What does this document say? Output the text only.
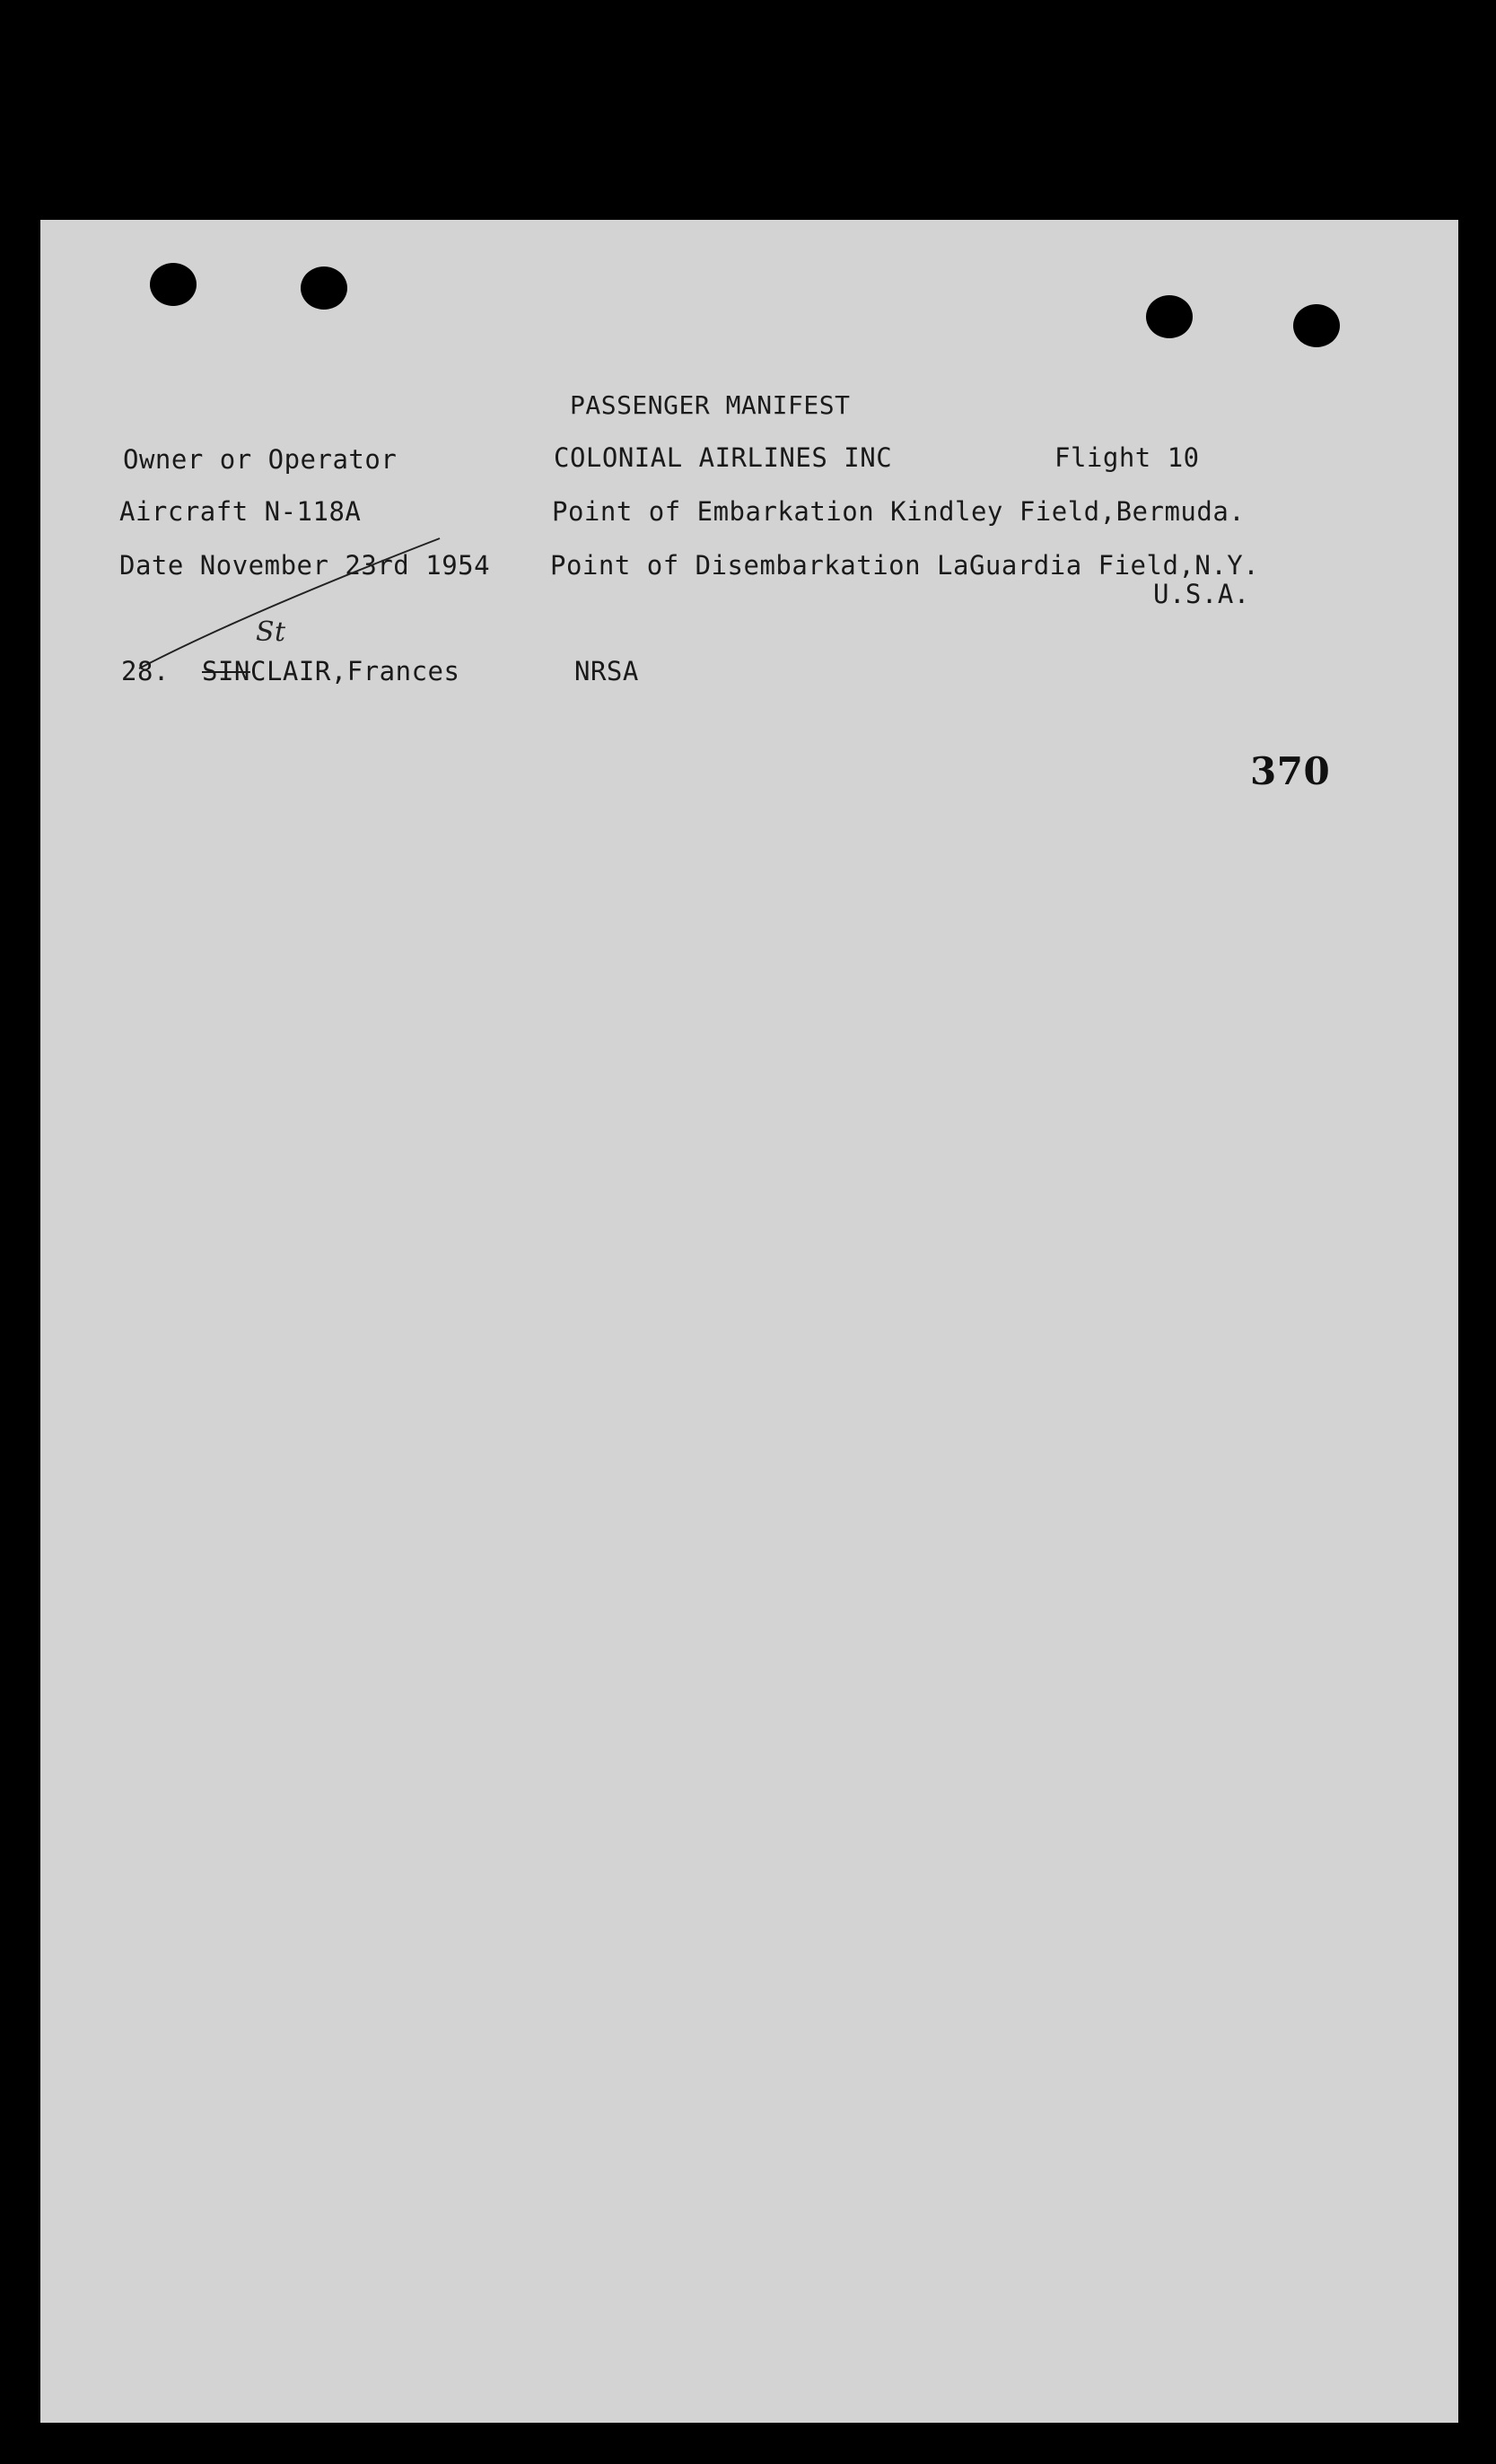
PASSENGER MANIFEST
Owner or Operator	COLONIAL AIRLINES INC	Flight 10
Aircraft N-118A	Point of Embarkation Kindley Field,Bermuda.
Date November 23rd 1954 Point of Disembarkation LaGuardia Field,N.Y.
U.S.A.
28. SIN CLAIR,Frances	NRSA
St
370
